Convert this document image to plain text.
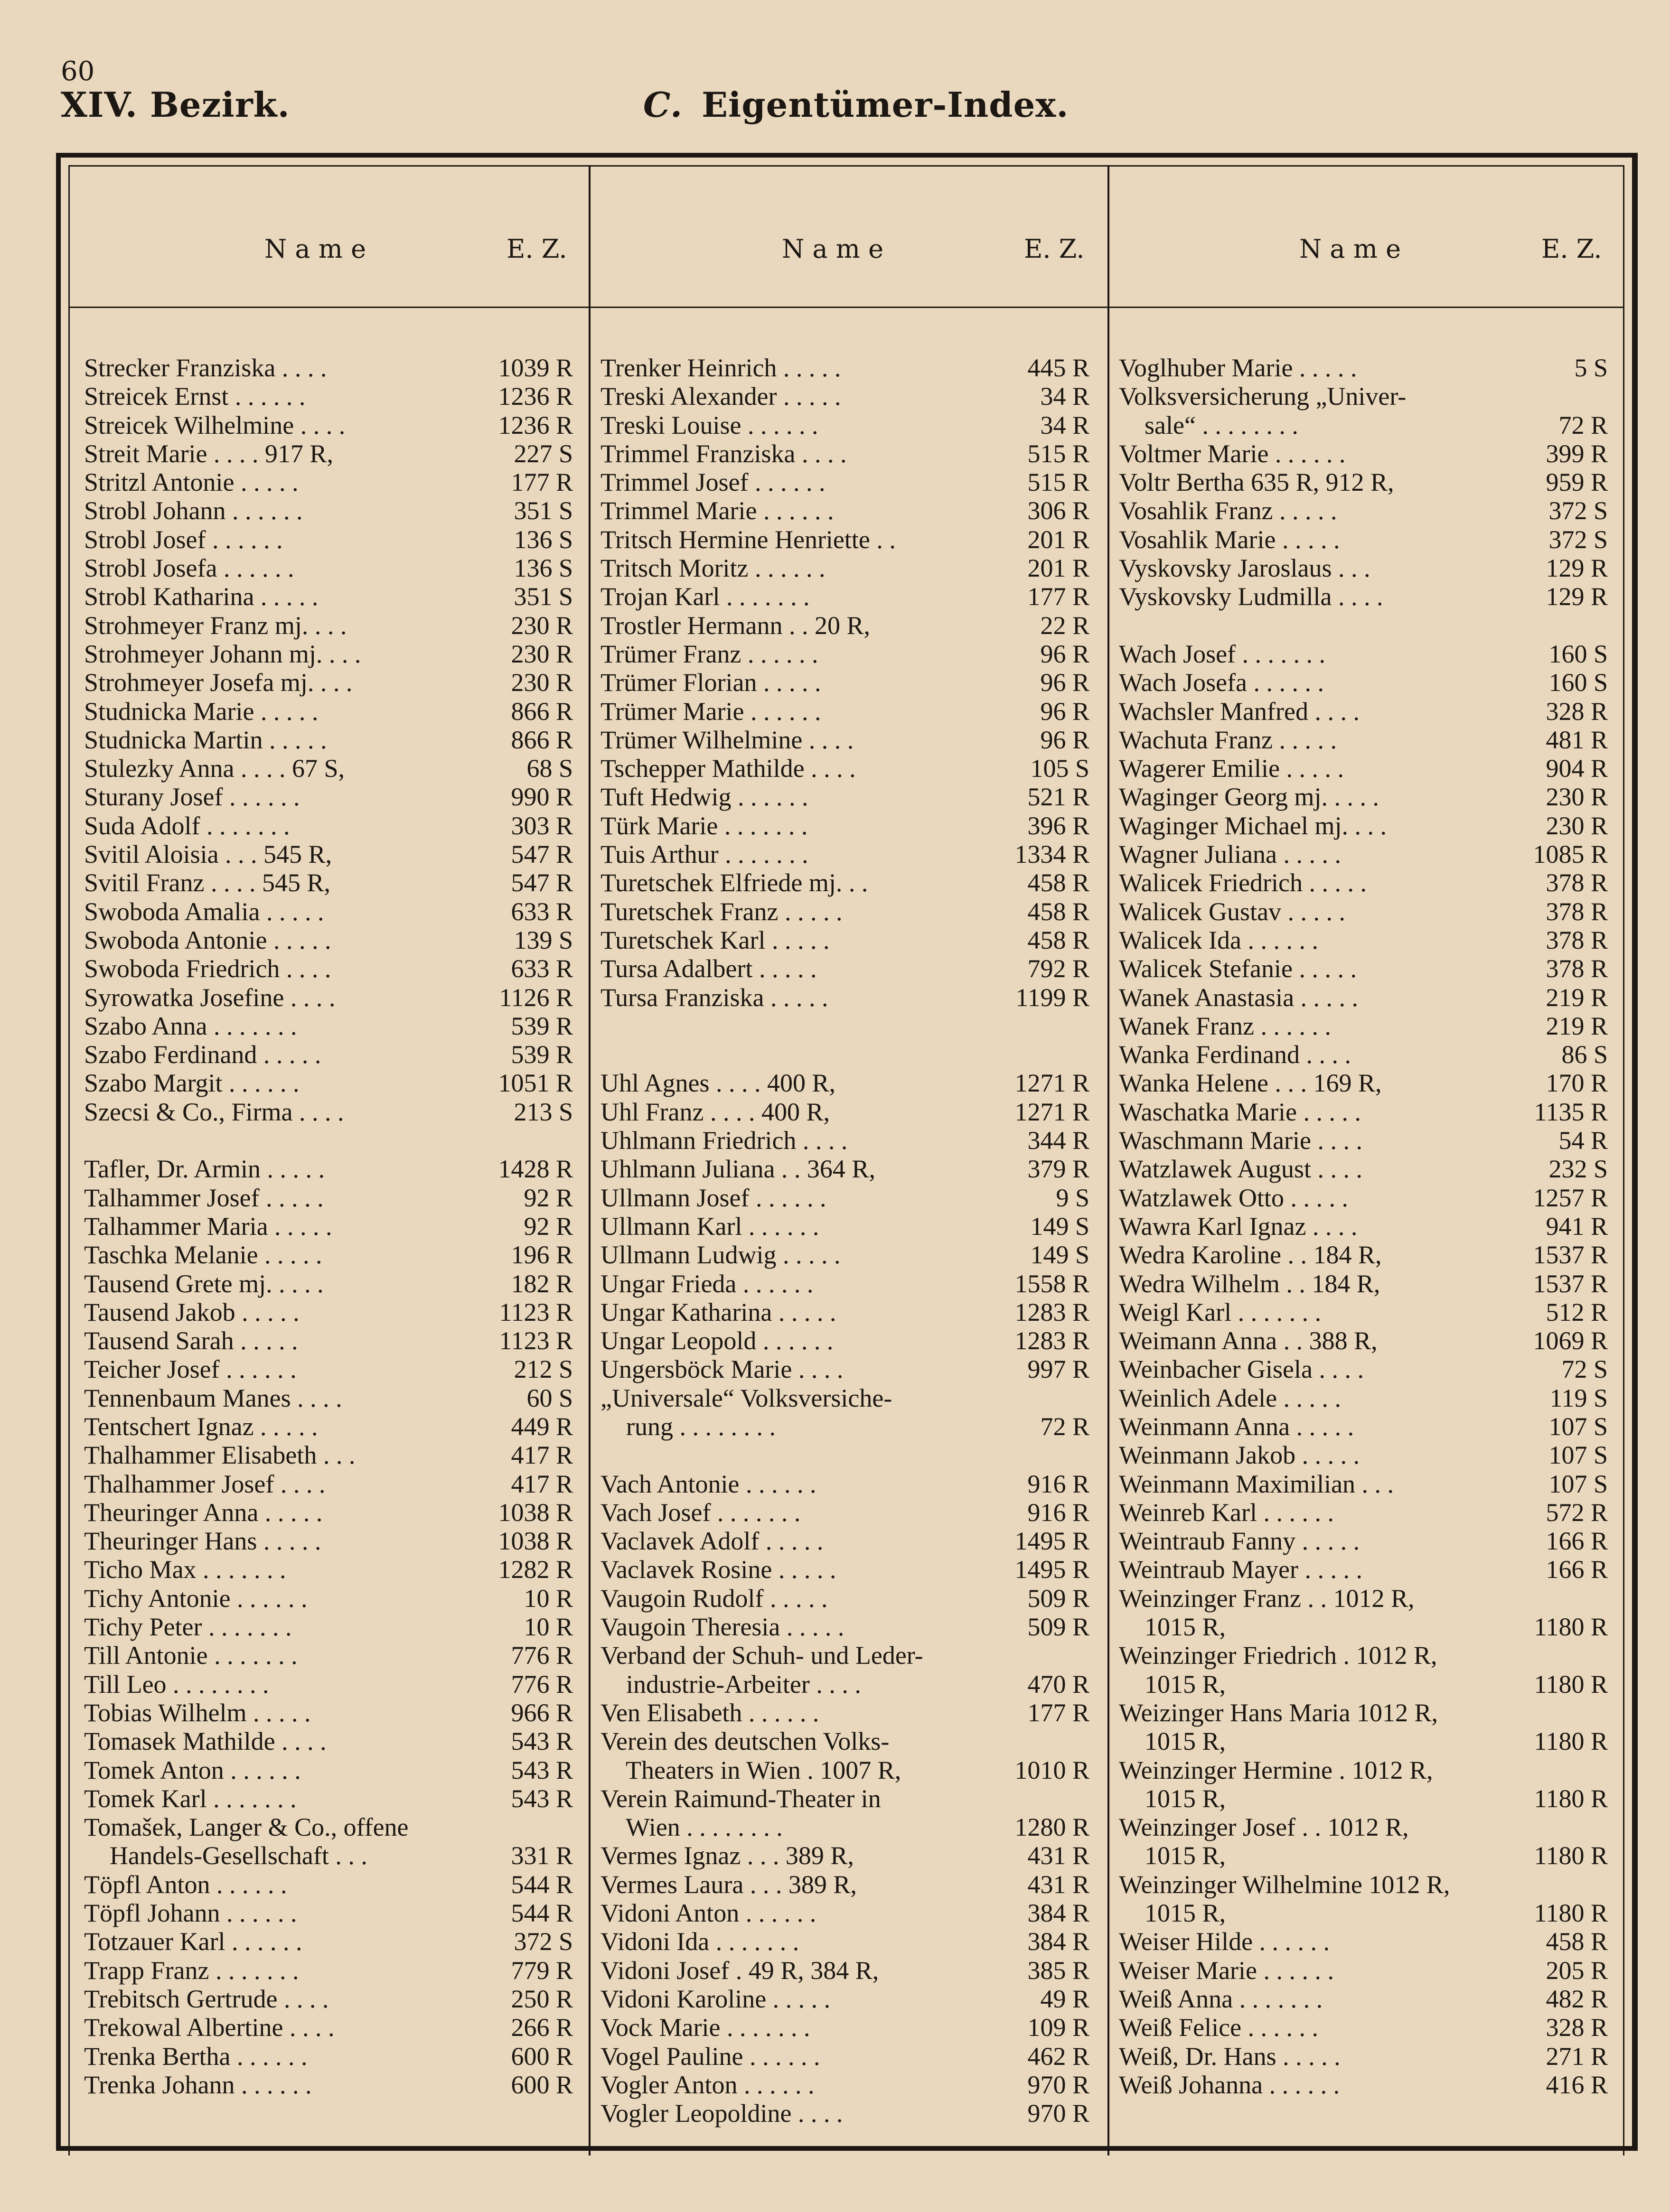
60
XIV. Bezirk.	C. Eigentümer-Index.
N a m e	E. Z.	N a m e	E. Z.	N a m e	E. Z.
Strecker Franziska . . . .	1039 R
Streicek Ernst . . . . . .	1236 R
Streicek Wilhelmine . . . .	1236 R
Streit Marie . . . . 917 R,	227 S
Stritzl Antonie . . . . .	177 R
Strobl Johann . . . . . .	351 S
Strobl Josef . . . . . .	136 S
Strobl Josefa . . . . . .	136 S
Strobl Katharina . . . . .	351 S
Strohmeyer Franz mj. . . .	230 R
Strohmeyer Johann mj. . . .	230 R
Strohmeyer Josefa mj. . . .	230 R
Studnicka Marie . . . . .	866 R
Studnicka Martin . . . . .	866 R
Stulezky Anna . . . . 67 S,	68 S
Sturany Josef . . . . . .	990 R
Suda Adolf . . . . . . .	303 R
Svitil Aloisia . . . 545 R,	547 R
Svitil Franz . . . . 545 R,	547 R
Swoboda Amalia . . . . .	633 R
Swoboda Antonie . . . . .	139 S
Swoboda Friedrich . . . .	633 R
Syrowatka Josefine . . . .	1126 R
Szabo Anna . . . . . . .	539 R
Szabo Ferdinand . . . . .	539 R
Szabo Margit . . . . . .	1051 R
Szecsi & Co., Firma . . . .	213 S
Tafler, Dr. Armin . . . . .	1428 R
Talhammer Josef . . . . .	92 R
Talhammer Maria . . . . .	92 R
Taschka Melanie . . . . .	196 R
Tausend Grete mj. . . . .	182 R
Tausend Jakob . . . . .	1123 R
Tausend Sarah . . . . .	1123 R
Teicher Josef . . . . . .	212 S
Tennenbaum Manes . . . .	60 S
Tentschert Ignaz . . . . .	449 R
Thalhammer Elisabeth . . .	417 R
Thalhammer Josef . . . .	417 R
Theuringer Anna . . . . .	1038 R
Theuringer Hans . . . . .	1038 R
Ticho Max . . . . . . .	1282 R
Tichy Antonie . . . . . .	10 R
Tichy Peter . . . . . . .	10 R
Till Antonie . . . . . . .	776 R
Till Leo . . . . . . . .	776 R
Tobias Wilhelm . . . . .	966 R
Tomasek Mathilde . . . .	543 R
Tomek Anton . . . . . .	543 R
Tomek Karl . . . . . . .	543 R
Tomašek, Langer & Co., offene
Handels-Gesellschaft . . .	331 R
Töpfl Anton . . . . . .	544 R
Töpfl Johann . . . . . .	544 R
Totzauer Karl . . . . . .	372 S
Trapp Franz . . . . . . .	779 R
Trebitsch Gertrude . . . .	250 R
Trekowal Albertine . . . .	266 R
Trenka Bertha . . . . . .	600 R
Trenka Johann . . . . . .	600 R
Trenker Heinrich . . . . .	445 R
Treski Alexander . . . . .	34 R
Treski Louise . . . . . .	34 R
Trimmel Franziska . . . .	515 R
Trimmel Josef . . . . . .	515 R
Trimmel Marie . . . . . .	306 R
Tritsch Hermine Henriette . .	201 R
Tritsch Moritz . . . . . .	201 R
Trojan Karl . . . . . . .	177 R
Trostler Hermann . . 20 R,	22 R
Trümer Franz . . . . . .	96 R
Trümer Florian . . . . .	96 R
Trümer Marie . . . . . .	96 R
Trümer Wilhelmine . . . .	96 R
Tschepper Mathilde . . . .	105 S
Tuft Hedwig . . . . . .	521 R
Türk Marie . . . . . . .	396 R
Tuis Arthur . . . . . . .	1334 R
Turetschek Elfriede mj. . .	458 R
Turetschek Franz . . . . .	458 R
Turetschek Karl . . . . .	458 R
Tursa Adalbert . . . . .	792 R
Tursa Franziska . . . . .	1199 R
Uhl Agnes . . . . 400 R,	1271 R
Uhl Franz . . . . 400 R,	1271 R
Uhlmann Friedrich . . . .	344 R
Uhlmann Juliana . . 364 R,	379 R
Ullmann Josef . . . . . .	9 S
Ullmann Karl . . . . . .	149 S
Ullmann Ludwig . . . . .	149 S
Ungar Frieda . . . . . .	1558 R
Ungar Katharina . . . . .	1283 R
Ungar Leopold . . . . . .	1283 R
Ungersböck Marie . . . .	997 R
„Universale“ Volksversiche-
rung . . . . . . . .	72 R
Vach Antonie . . . . . .	916 R
Vach Josef . . . . . . .	916 R
Vaclavek Adolf . . . . .	1495 R
Vaclavek Rosine . . . . .	1495 R
Vaugoin Rudolf . . . . .	509 R
Vaugoin Theresia . . . . .	509 R
Verband der Schuh- und Leder-
industrie-Arbeiter . . . .	470 R
Ven Elisabeth . . . . . .	177 R
Verein des deutschen Volks-
Theaters in Wien . 1007 R,	1010 R
Verein Raimund-Theater in
Wien . . . . . . . .	1280 R
Vermes Ignaz . . . 389 R,	431 R
Vermes Laura . . . 389 R,	431 R
Vidoni Anton . . . . . .	384 R
Vidoni Ida . . . . . . .	384 R
Vidoni Josef . 49 R, 384 R,	385 R
Vidoni Karoline . . . . .	49 R
Vock Marie . . . . . . .	109 R
Vogel Pauline . . . . . .	462 R
Vogler Anton . . . . . .	970 R
Vogler Leopoldine . . . .	970 R
Voglhuber Marie . . . . .	5 S
Volksversicherung „Univer-
sale“ . . . . . . . .	72 R
Voltmer Marie . . . . . .	399 R
Voltr Bertha 635 R, 912 R,	959 R
Vosahlik Franz . . . . .	372 S
Vosahlik Marie . . . . .	372 S
Vyskovsky Jaroslaus . . .	129 R
Vyskovsky Ludmilla . . . .	129 R
Wach Josef . . . . . . .	160 S
Wach Josefa . . . . . .	160 S
Wachsler Manfred . . . .	328 R
Wachuta Franz . . . . .	481 R
Wagerer Emilie . . . . .	904 R
Waginger Georg mj. . . . .	230 R
Waginger Michael mj. . . .	230 R
Wagner Juliana . . . . .	1085 R
Walicek Friedrich . . . . .	378 R
Walicek Gustav . . . . .	378 R
Walicek Ida . . . . . .	378 R
Walicek Stefanie . . . . .	378 R
Wanek Anastasia . . . . .	219 R
Wanek Franz . . . . . .	219 R
Wanka Ferdinand . . . .	86 S
Wanka Helene . . . 169 R,	170 R
Waschatka Marie . . . . .	1135 R
Waschmann Marie . . . .	54 R
Watzlawek August . . . .	232 S
Watzlawek Otto . . . . .	1257 R
Wawra Karl Ignaz . . . .	941 R
Wedra Karoline . . 184 R,	1537 R
Wedra Wilhelm . . 184 R,	1537 R
Weigl Karl . . . . . . .	512 R
Weimann Anna . . 388 R,	1069 R
Weinbacher Gisela . . . .	72 S
Weinlich Adele . . . . .	119 S
Weinmann Anna . . . . .	107 S
Weinmann Jakob . . . . .	107 S
Weinmann Maximilian . . .	107 S
Weinreb Karl . . . . . .	572 R
Weintraub Fanny . . . . .	166 R
Weintraub Mayer . . . . .	166 R
Weinzinger Franz . . 1012 R,
1015 R,	1180 R
Weinzinger Friedrich . 1012 R,
1015 R,	1180 R
Weizinger Hans Maria 1012 R,
1015 R,	1180 R
Weinzinger Hermine . 1012 R,
1015 R,	1180 R
Weinzinger Josef . . 1012 R,
1015 R,	1180 R
Weinzinger Wilhelmine 1012 R,
1015 R,	1180 R
Weiser Hilde . . . . . .	458 R
Weiser Marie . . . . . .	205 R
Weiß Anna . . . . . . .	482 R
Weiß Felice . . . . . .	328 R
Weiß, Dr. Hans . . . . .	271 R
Weiß Johanna . . . . . .	416 R
